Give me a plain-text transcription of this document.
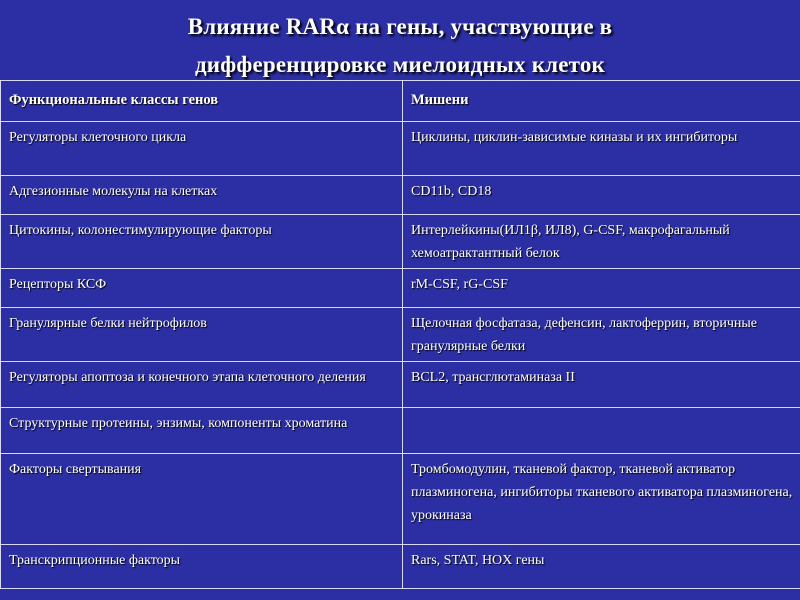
Влияние RARα на гены, участвующие в
дифференцировке миелоидных клеток
Функциональные классы генов	Мишени
Регуляторы клеточного цикла	Циклины, циклин-зависимые киназы и их ингибиторы
Адгезионные молекулы на клетках	CD11b, CD18
Цитокины, колонестимулирующие факторы	Интерлейкины(ИЛ1β, ИЛ8), G-CSF, макрофагальный хемоатрактантный белок
Рецепторы КСФ	rM-CSF, rG-CSF
Гранулярные белки нейтрофилов	Щелочная фосфатаза, дефенсин, лактоферрин, вторичные гранулярные белки
Регуляторы апоптоза и конечного этапа клеточного деления	BCL2, трансглютаминаза II
Структурные протеины, энзимы, компоненты хроматина	
Факторы свертывания	Тромбомодулин, тканевой фактор, тканевой активатор плазминогена, ингибиторы тканевого активатора плазминогена, урокиназа
Транскрипционные факторы	Rars, STAT, HOX гены
